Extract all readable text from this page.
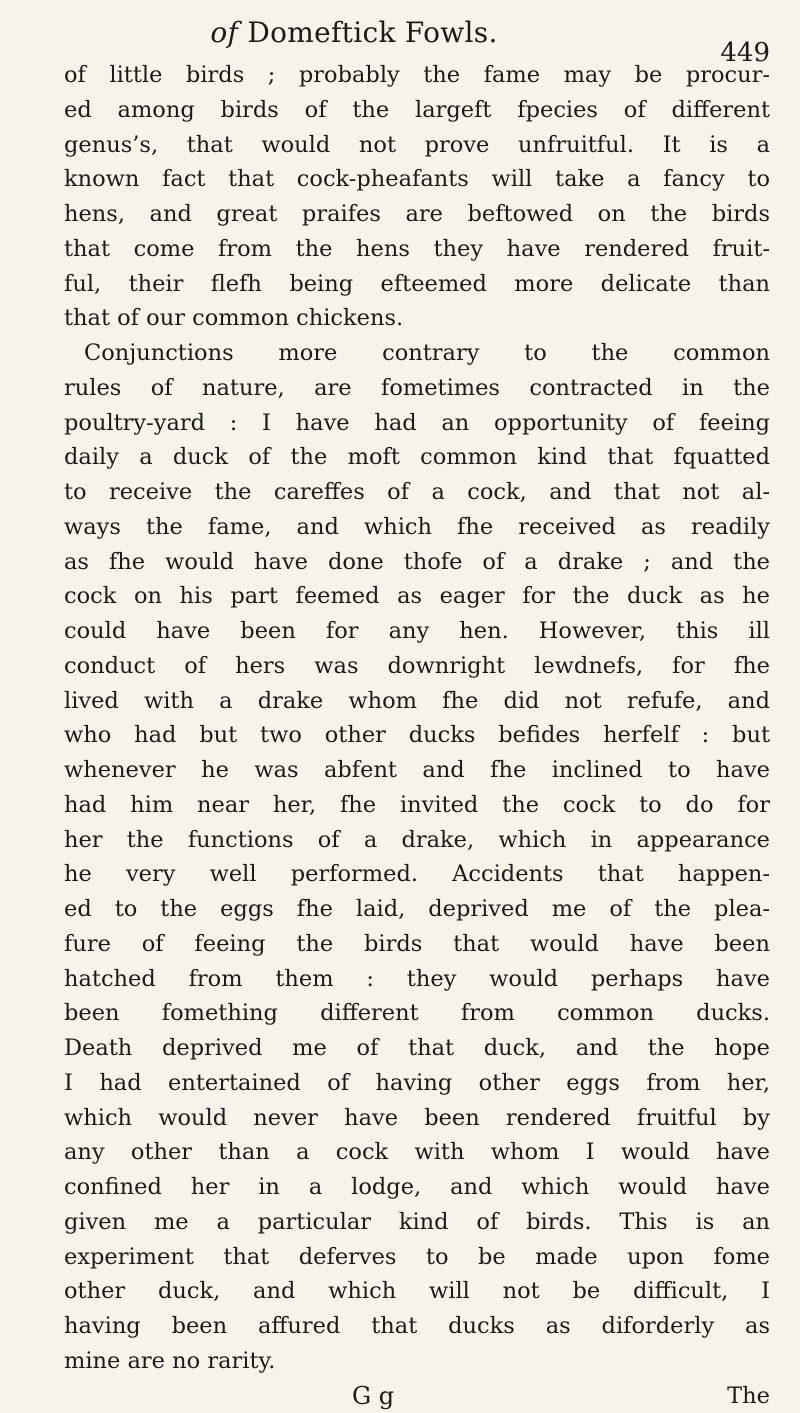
of Domeftick Fowls.
449
of little birds ; probably the fame may be procur-
ed among birds of the largeft fpecies of different
genus’s, that would not prove unfruitful. It is a
known fact that cock-pheafants will take a fancy to
hens, and great praifes are beftowed on the birds
that come from the hens they have rendered fruit-
ful, their flefh being efteemed more delicate than
that of our common chickens.
Conjunctions more contrary to the common
rules of nature, are fometimes contracted in the
poultry-yard : I have had an opportunity of feeing
daily a duck of the moft common kind that fquatted
to receive the careffes of a cock, and that not al-
ways the fame, and which fhe received as readily
as fhe would have done thofe of a drake ; and the
cock on his part feemed as eager for the duck as he
could have been for any hen. However, this ill
conduct of hers was downright lewdnefs, for fhe
lived with a drake whom fhe did not refufe, and
who had but two other ducks befides herfelf : but
whenever he was abfent and fhe inclined to have
had him near her, fhe invited the cock to do for
her the functions of a drake, which in appearance
he very well performed. Accidents that happen-
ed to the eggs fhe laid, deprived me of the plea-
fure of feeing the birds that would have been
hatched from them : they would perhaps have
been fomething different from common ducks.
Death deprived me of that duck, and the hope
I had entertained of having other eggs from her,
which would never have been rendered fruitful by
any other than a cock with whom I would have
confined her in a lodge, and which would have
given me a particular kind of birds. This is an
experiment that deferves to be made upon fome
other duck, and which will not be difficult, I
having been affured that ducks as diforderly as
mine are no rarity.
G g	The
